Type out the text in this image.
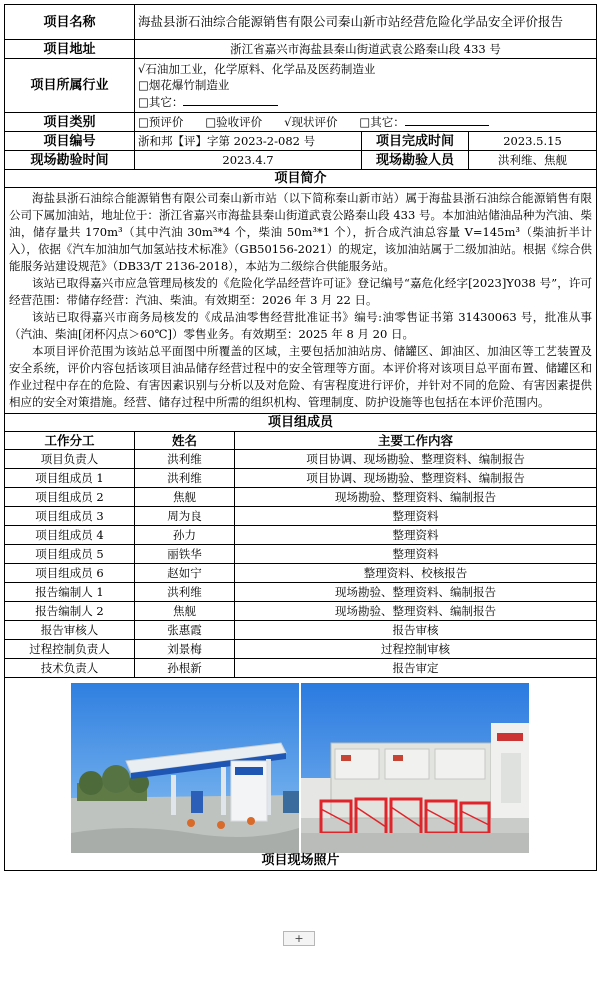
项目名称	海盐县浙石油综合能源销售有限公司秦山新市站经营危险化学品安全评价报告			
项目地址	浙江省嘉兴市海盐县秦山街道武袁公路秦山段 433 号			
项目所属行业	√石油加工业，化学原料、化学品及医药制造业
□烟花爆竹制造业
□其它：			

项目类别	□预评价 □验收评价 √现状评价 □其它：			
项目编号	浙和邦【评】字第 2023-2-082 号		项目完成时间	2023.5.15
现场勘验时间	2023.4.7		现场勘验人员	洪利维、焦舰
项目简介				

海盐县浙石油综合能源销售有限公司秦山新市站（以下简称秦山新市站）属于海盐县浙石油综合能源销售有限公司下属加油站，地址位于：浙江省嘉兴市海盐县秦山街道武袁公路秦山段 433 号。本加油站储油品种为汽油、柴油，储存量共 170m³（其中汽油 30m³*4 个，柴油 50m³*1 个），折合成汽油总容量 V=145m³（柴油折半计入），依据《汽车加油加气加氢站技术标准》（GB50156-2021）的规定，该加油站属于二级加油站。根据《综合供能服务站建设规范》（DB33/T 2136-2018），本站为二级综合供能服务站。

该站已取得嘉兴市应急管理局核发的《危险化学品经营许可证》登记编号“嘉危化经字[2023]Y038 号”，许可经营范围：带储存经营：汽油、柴油。有效期至：2026 年 3 月 22 日。

该站已取得嘉兴市商务局核发的《成品油零售经营批准证书》编号:油零售证书第 31430063 号，批准从事（汽油、柴油[闭杯闪点＞60℃]）零售业务。有效期至：2025 年 8 月 20 日。

本项目评价范围为该站总平面图中所覆盖的区域，主要包括加油站房、储罐区、卸油区、加油区等工艺装置及安全系统，评价内容包括该项目油品储存经营过程中的安全管理等方面。本评价将对该项目总平面布置、储罐区和作业过程中存在的危险、有害因素识别与分析以及对危险、有害程度进行评价，并针对不同的危险、有害因素提供相应的安全对策措施。经营、储存过程中所需的组织机构、管理制度、防护设施等也包括在本评价范围内。				

项目组成员				
工作分工	姓名	主要工作内容		
项目负责人	洪利维	项目协调、现场勘验、整理资料、编制报告		
项目组成员 1	洪利维	项目协调、现场勘验、整理资料、编制报告		
项目组成员 2	焦舰	现场勘验、整理资料、编制报告		
项目组成员 3	周为良	整理资料		
项目组成员 4	孙力	整理资料		
项目组成员 5	丽铁华	整理资料		
项目组成员 6	赵如宁	整理资料、校核报告		
报告编制人 1	洪利维	现场勘验、整理资料、编制报告		
报告编制人 2	焦舰	现场勘验、整理资料、编制报告		
报告审核人	张惠霞	报告审核		
过程控制负责人	刘景梅	过程控制审核		
技术负责人	孙根新	报告审定		

项目现场照片				
+
